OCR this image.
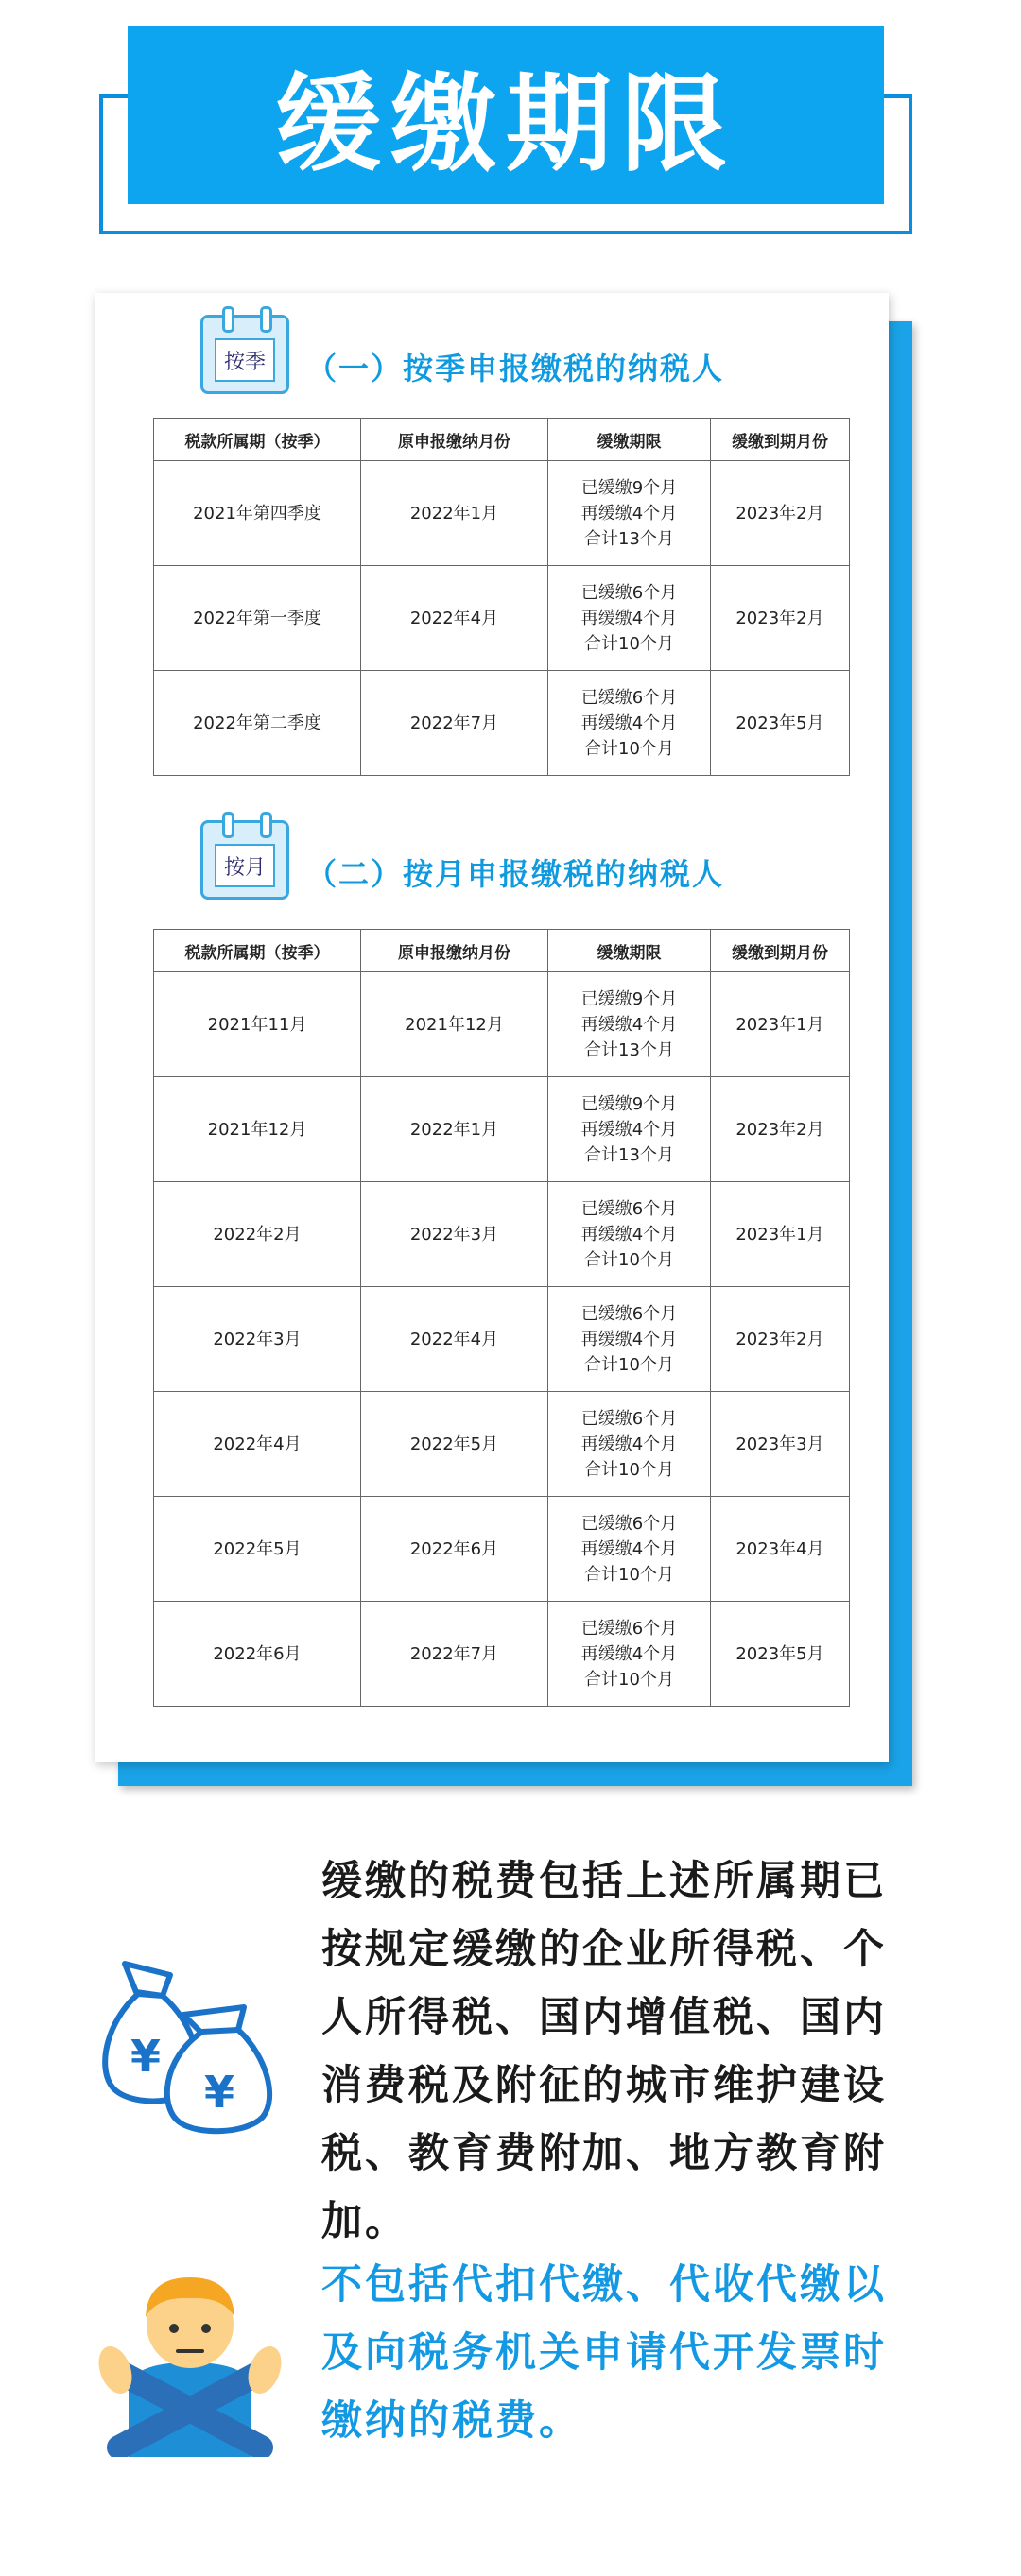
缓缴期限
按季	（一）按季申报缴税的纳税人
税款所属期（按季）	原申报缴纳月份	缓缴期限	缓缴到期月份
2021年第四季度	2022年1月	已缓缴9个月
再缓缴4个月
合计13个月	2023年2月
2022年第一季度	2022年4月	已缓缴6个月
再缓缴4个月
合计10个月	2023年2月
2022年第二季度	2022年7月	已缓缴6个月
再缓缴4个月
合计10个月	2023年5月
按月	（二）按月申报缴税的纳税人
税款所属期（按季）	原申报缴纳月份	缓缴期限	缓缴到期月份
2021年11月	2021年12月	已缓缴9个月
再缓缴4个月
合计13个月	2023年1月
2021年12月	2022年1月	已缓缴9个月
再缓缴4个月
合计13个月	2023年2月
2022年2月	2022年3月	已缓缴6个月
再缓缴4个月
合计10个月	2023年1月
2022年3月	2022年4月	已缓缴6个月
再缓缴4个月
合计10个月	2023年2月
2022年4月	2022年5月	已缓缴6个月
再缓缴4个月
合计10个月	2023年3月
2022年5月	2022年6月	已缓缴6个月
再缓缴4个月
合计10个月	2023年4月
2022年6月	2022年7月	已缓缴6个月
再缓缴4个月
合计10个月	2023年5月
¥
¥
缓缴的税费包括上述所属期已按规定缓缴的企业所得税、个人所得税、国内增值税、国内消费税及附征的城市维护建设税、教育费附加、地方教育附加。
不包括代扣代缴、代收代缴以及向税务机关申请代开发票时缴纳的税费。
